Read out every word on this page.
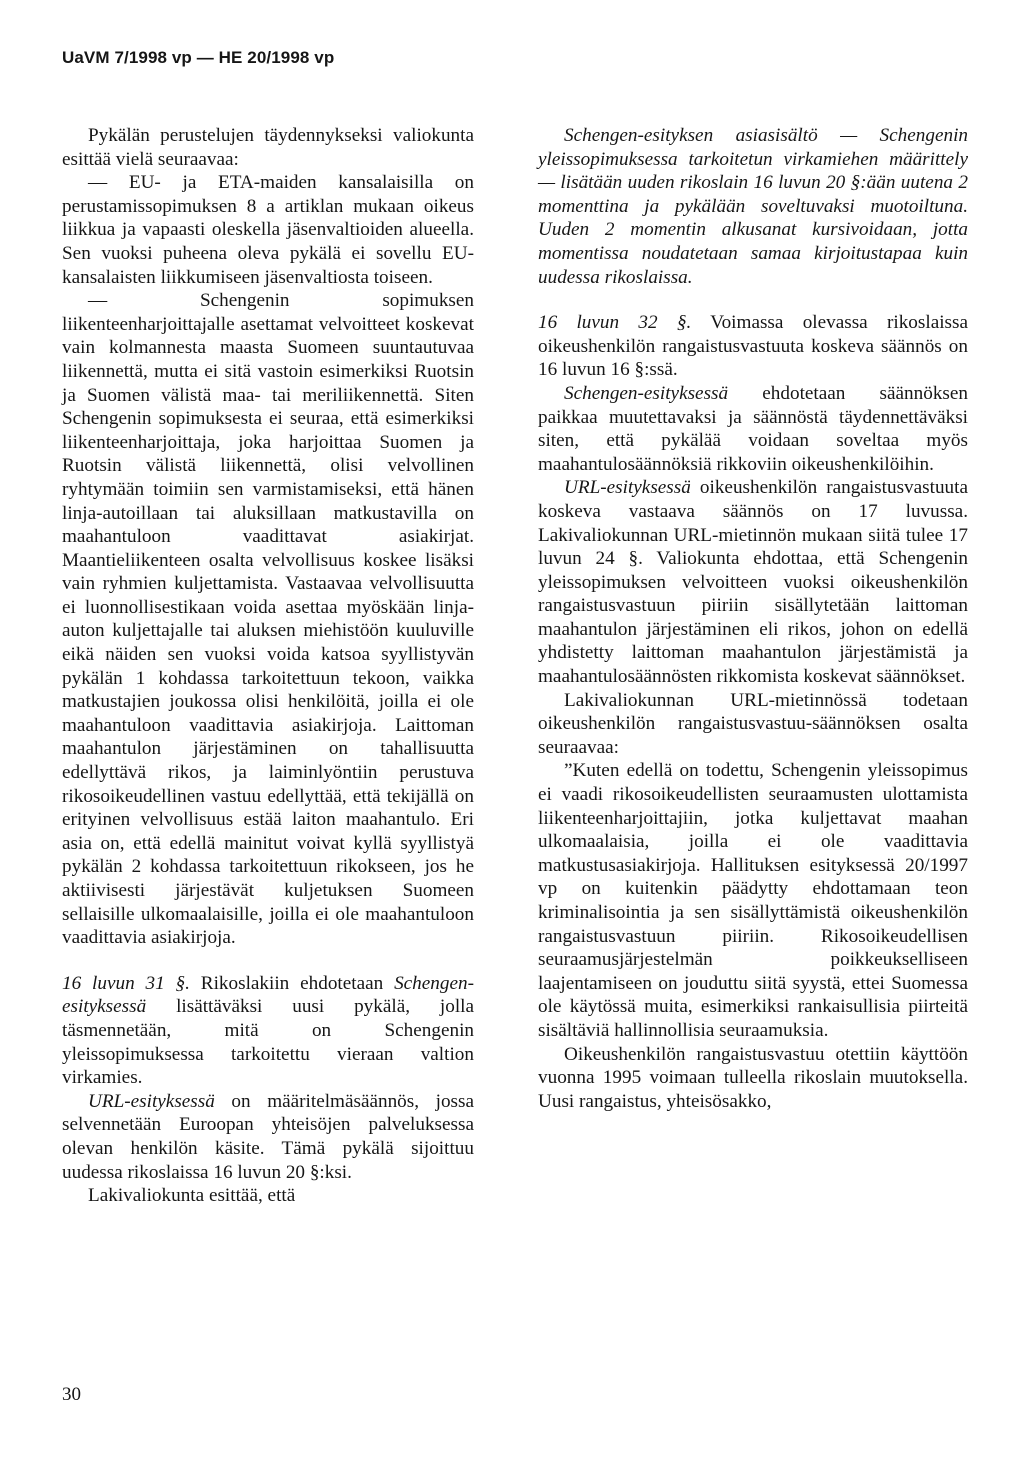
UaVM 7/1998 vp — HE 20/1998 vp

Pykälän perustelujen täydennykseksi valiokunta esittää vielä seuraavaa:

— EU- ja ETA-maiden kansalaisilla on perustamissopimuksen 8 a artiklan mukaan oikeus liikkua ja vapaasti oleskella jäsenvaltioiden alueella. Sen vuoksi puheena oleva pykälä ei sovellu EU-kansalaisten liikkumiseen jäsenvaltiosta toiseen.

— Schengenin sopimuksen liikenteenharjoittajalle asettamat velvoitteet koskevat vain kolmannesta maasta Suomeen suuntautuvaa liikennettä, mutta ei sitä vastoin esimerkiksi Ruotsin ja Suomen välistä maa- tai meriliikennettä. Siten Schengenin sopimuksesta ei seuraa, että esimerkiksi liikenteenharjoittaja, joka harjoittaa Suomen ja Ruotsin välistä liikennettä, olisi velvollinen ryhtymään toimiin sen varmistamiseksi, että hänen linja-autoillaan tai aluksillaan matkustavilla on maahantuloon vaadittavat asiakirjat. Maantieliikenteen osalta velvollisuus koskee lisäksi vain ryhmien kuljettamista. Vastaavaa velvollisuutta ei luonnollisestikaan voida asettaa myöskään linja-auton kuljettajalle tai aluksen miehistöön kuuluville eikä näiden sen vuoksi voida katsoa syyllistyvän pykälän 1 kohdassa tarkoitettuun tekoon, vaikka matkustajien joukossa olisi henkilöitä, joilla ei ole maahantuloon vaadittavia asiakirjoja. Laittoman maahantulon järjestäminen on tahallisuutta edellyttävä rikos, ja laiminlyöntiin perustuva rikosoikeudellinen vastuu edellyttää, että tekijällä on erityinen velvollisuus estää laiton maahantulo. Eri asia on, että edellä mainitut voivat kyllä syyllistyä pykälän 2 kohdassa tarkoitettuun rikokseen, jos he aktiivisesti järjestävät kuljetuksen Suomeen sellaisille ulkomaalaisille, joilla ei ole maahantuloon vaadittavia asiakirjoja.

16 luvun 31 §. Rikoslakiin ehdotetaan Schengen-esityksessä lisättäväksi uusi pykälä, jolla täsmennetään, mitä on Schengenin yleissopimuksessa tarkoitettu vieraan valtion virkamies.

URL-esityksessä on määritelmäsäännös, jossa selvennetään Euroopan yhteisöjen palveluksessa olevan henkilön käsite. Tämä pykälä sijoittuu uudessa rikoslaissa 16 luvun 20 §:ksi.

Lakivaliokunta esittää, että

Schengen-esityksen asiasisältö — Schengenin yleissopimuksessa tarkoitetun virkamiehen määrittely — lisätään uuden rikoslain 16 luvun 20 §:ään uutena 2 momenttina ja pykälään soveltuvaksi muotoiltuna. Uuden 2 momentin alkusanat kursivoidaan, jotta momentissa noudatetaan samaa kirjoitustapaa kuin uudessa rikoslaissa.

16 luvun 32 §. Voimassa olevassa rikoslaissa oikeushenkilön rangaistusvastuuta koskeva säännös on 16 luvun 16 §:ssä.

Schengen-esityksessä ehdotetaan säännöksen paikkaa muutettavaksi ja säännöstä täydennettäväksi siten, että pykälää voidaan soveltaa myös maahantulosäännöksiä rikkoviin oikeushenkilöihin.

URL-esityksessä oikeushenkilön rangaistusvastuuta koskeva vastaava säännös on 17 luvussa. Lakivaliokunnan URL-mietinnön mukaan siitä tulee 17 luvun 24 §. Valiokunta ehdottaa, että Schengenin yleissopimuksen velvoitteen vuoksi oikeushenkilön rangaistusvastuun piiriin sisällytetään laittoman maahantulon järjestäminen eli rikos, johon on edellä yhdistetty laittoman maahantulon järjestämistä ja maahantulosäännösten rikkomista koskevat säännökset.

Lakivaliokunnan URL-mietinnössä todetaan oikeushenkilön rangaistusvastuu-säännöksen osalta seuraavaa:

”Kuten edellä on todettu, Schengenin yleissopimus ei vaadi rikosoikeudellisten seuraamusten ulottamista liikenteenharjoittajiin, jotka kuljettavat maahan ulkomaalaisia, joilla ei ole vaadittavia matkustusasiakirjoja. Hallituksen esityksessä 20/1997 vp on kuitenkin päädytty ehdottamaan teon kriminalisointia ja sen sisällyttämistä oikeushenkilön rangaistusvastuun piiriin. Rikosoikeudellisen seuraamusjärjestelmän poikkeukselliseen laajentamiseen on jouduttu siitä syystä, ettei Suomessa ole käytössä muita, esimerkiksi rankaisullisia piirteitä sisältäviä hallinnollisia seuraamuksia.

Oikeushenkilön rangaistusvastuu otettiin käyttöön vuonna 1995 voimaan tulleella rikoslain muutoksella. Uusi rangaistus, yhteisösakko,

30
